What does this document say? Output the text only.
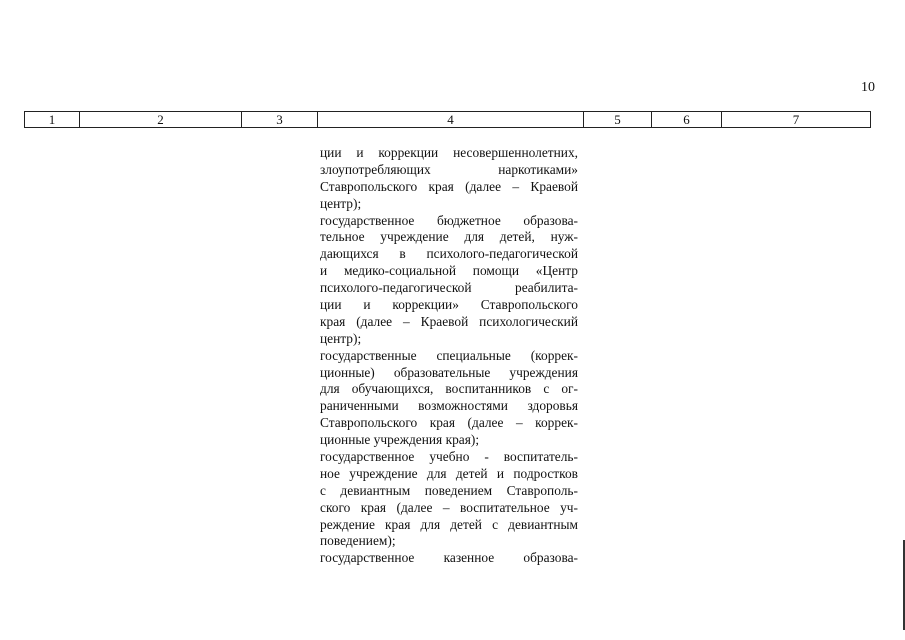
10
1	2	3	4	5	6	7
ции и коррекции несовершеннолетних,
злоупотребляющих наркотиками»
Ставропольского края (далее – Краевой
центр);
государственное бюджетное образова-
тельное учреждение для детей, нуж-
дающихся в психолого-педагогической
и медико-социальной помощи «Центр
психолого-педагогической реабилита-
ции и коррекции» Ставропольского
края (далее – Краевой психологический
центр);
государственные специальные (коррек-
ционные) образовательные учреждения
для обучающихся, воспитанников с ог-
раниченными возможностями здоровья
Ставропольского края (далее – коррек-
ционные учреждения края);
государственное учебно - воспитатель-
ное учреждение для детей и подростков
с девиантным поведением Ставрополь-
ского края (далее – воспитательное уч-
реждение края для детей с девиантным
поведением);
государственное казенное образова-
